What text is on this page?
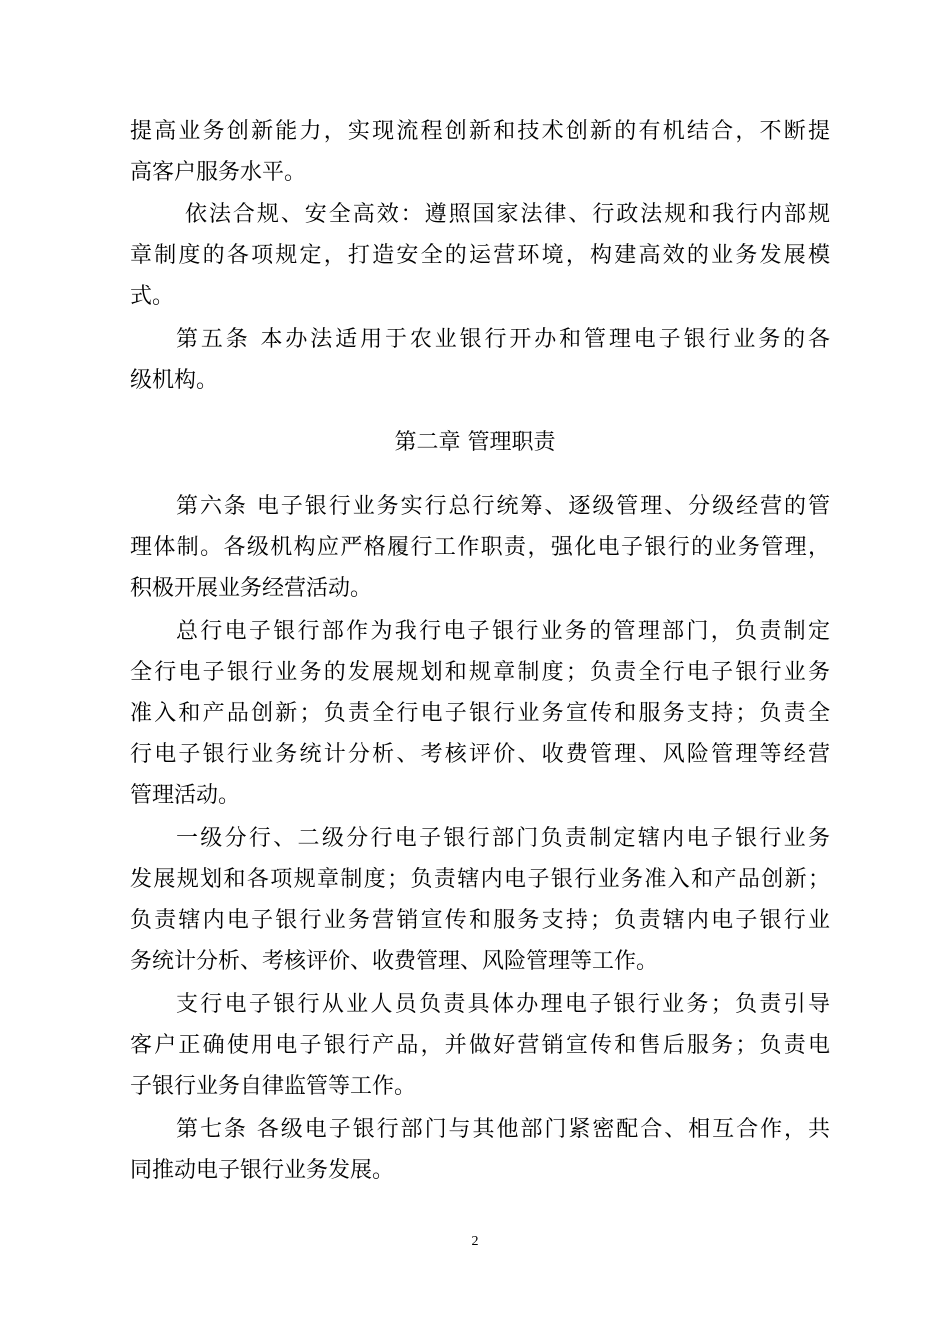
提高业务创新能力，实现流程创新和技术创新的有机结合，不断提
高客户服务水平。
依法合规、安全高效：遵照国家法律、行政法规和我行内部规
章制度的各项规定，打造安全的运营环境，构建高效的业务发展模
式。
第五条 本办法适用于农业银行开办和管理电子银行业务的各
级机构。
第二章 管理职责
第六条 电子银行业务实行总行统筹、逐级管理、分级经营的管
理体制。各级机构应严格履行工作职责，强化电子银行的业务管理，
积极开展业务经营活动。
总行电子银行部作为我行电子银行业务的管理部门，负责制定
全行电子银行业务的发展规划和规章制度；负责全行电子银行业务
准入和产品创新；负责全行电子银行业务宣传和服务支持；负责全
行电子银行业务统计分析、考核评价、收费管理、风险管理等经营
管理活动。
一级分行、二级分行电子银行部门负责制定辖内电子银行业务
发展规划和各项规章制度；负责辖内电子银行业务准入和产品创新；
负责辖内电子银行业务营销宣传和服务支持；负责辖内电子银行业
务统计分析、考核评价、收费管理、风险管理等工作。
支行电子银行从业人员负责具体办理电子银行业务；负责引导
客户正确使用电子银行产品，并做好营销宣传和售后服务；负责电
子银行业务自律监管等工作。
第七条 各级电子银行部门与其他部门紧密配合、相互合作，共
同推动电子银行业务发展。
2
